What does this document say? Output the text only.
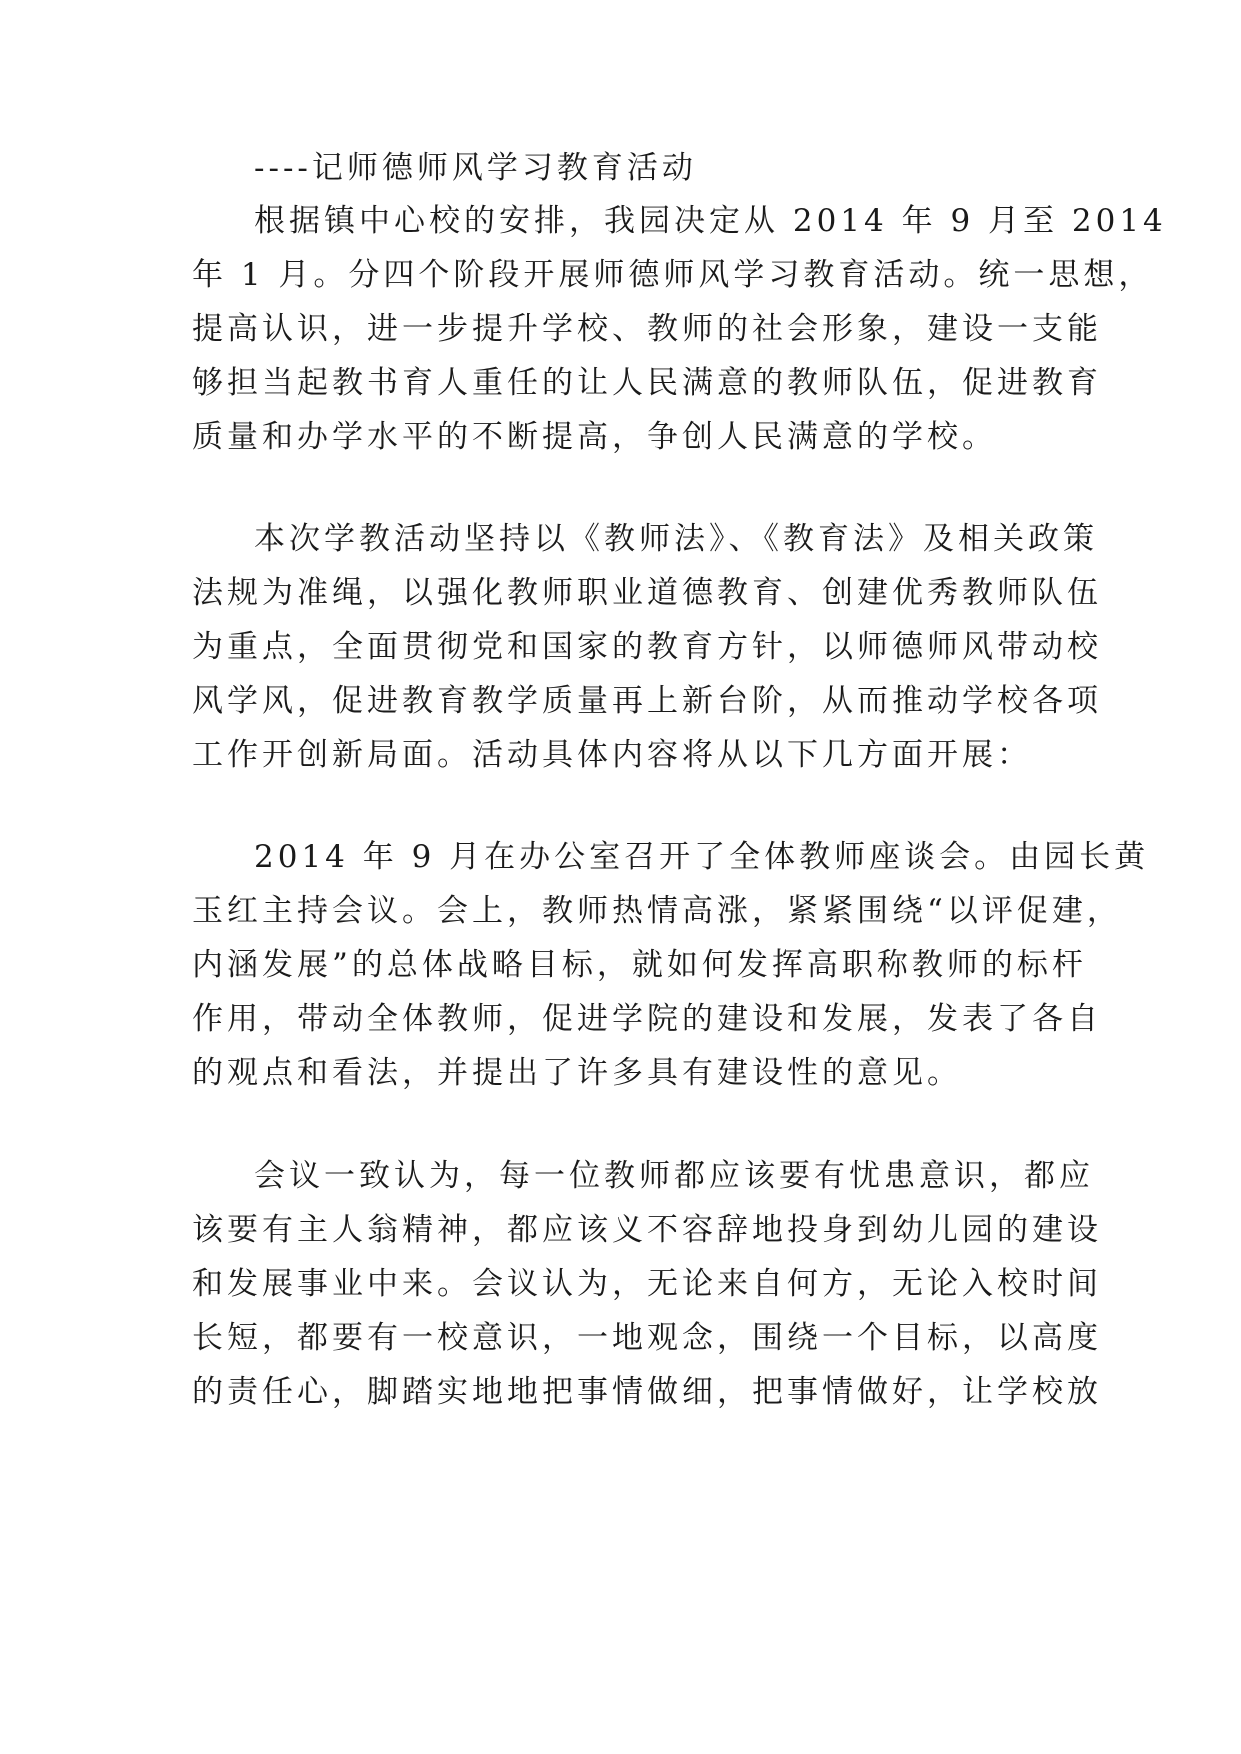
----记师德师风学习教育活动
根据镇中心校的安排，我园决定从 2014 年 9 月至 2014
年 1 月。分四个阶段开展师德师风学习教育活动。统一思想，
提高认识，进一步提升学校、教师的社会形象，建设一支能
够担当起教书育人重任的让人民满意的教师队伍，促进教育
质量和办学水平的不断提高，争创人民满意的学校。
本次学教活动坚持以《教师法》、《教育法》及相关政策
法规为准绳，以强化教师职业道德教育、创建优秀教师队伍
为重点，全面贯彻党和国家的教育方针，以师德师风带动校
风学风，促进教育教学质量再上新台阶，从而推动学校各项
工作开创新局面。活动具体内容将从以下几方面开展：
2014 年 9 月在办公室召开了全体教师座谈会。由园长黄
玉红主持会议。会上，教师热情高涨，紧紧围绕“以评促建，
内涵发展”的总体战略目标，就如何发挥高职称教师的标杆
作用，带动全体教师，促进学院的建设和发展，发表了各自
的观点和看法，并提出了许多具有建设性的意见。
会议一致认为，每一位教师都应该要有忧患意识，都应
该要有主人翁精神，都应该义不容辞地投身到幼儿园的建设
和发展事业中来。会议认为，无论来自何方，无论入校时间
长短，都要有一校意识，一地观念，围绕一个目标，以高度
的责任心，脚踏实地地把事情做细，把事情做好，让学校放
